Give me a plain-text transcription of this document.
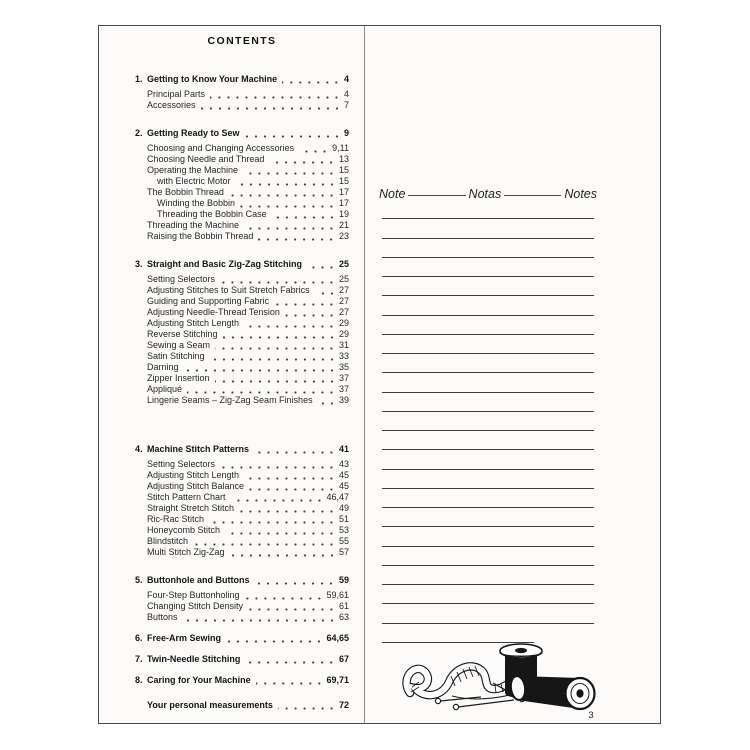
CONTENTS
1. Getting to Know Your Machine	4
Principal Parts	4
Accessories	7
2. Getting Ready to Sew	9
Choosing and Changing Accessories	9,11
Choosing Needle and Thread	13
Operating the Machine	15
with Electric Motor	15
The Bobbin Thread	17
Winding the Bobbin	17
Threading the Bobbin Case	19
Threading the Machine	21
Raising the Bobbin Thread	23
3. Straight and Basic Zig-Zag Stitching	25
Setting Selectors	25
Adjusting Stitches to Suit Stretch Fabrics	27
Guiding and Supporting Fabric	27
Adjusting Needle-Thread Tension	27
Adjusting Stitch Length	29
Reverse Stitching	29
Sewing a Seam	31
Satin Stitching	33
Darning	35
Zipper Insertion	37
Appliqué	37
Lingerie Seams – Zig-Zag Seam Finishes	39
4. Machine Stitch Patterns	41
Setting Selectors	43
Adjusting Stitch Length	45
Adjusting Stitch Balance	45
Stitch Pattern Chart	46,47
Straight Stretch Stitch	49
Ric-Rac Stitch	51
Honeycomb Stitch	53
Blindstitch	55
Multi Stitch Zig-Zag	57
5. Buttonhole and Buttons	59
Four-Step Buttonholing	59,61
Changing Stitch Density	61
Buttons	63
6. Free-Arm Sewing	64,65
7. Twin-Needle Stitching	67
8. Caring for Your Machine	69,71
Your personal measurements	72
Note	Notas	Notes
3
